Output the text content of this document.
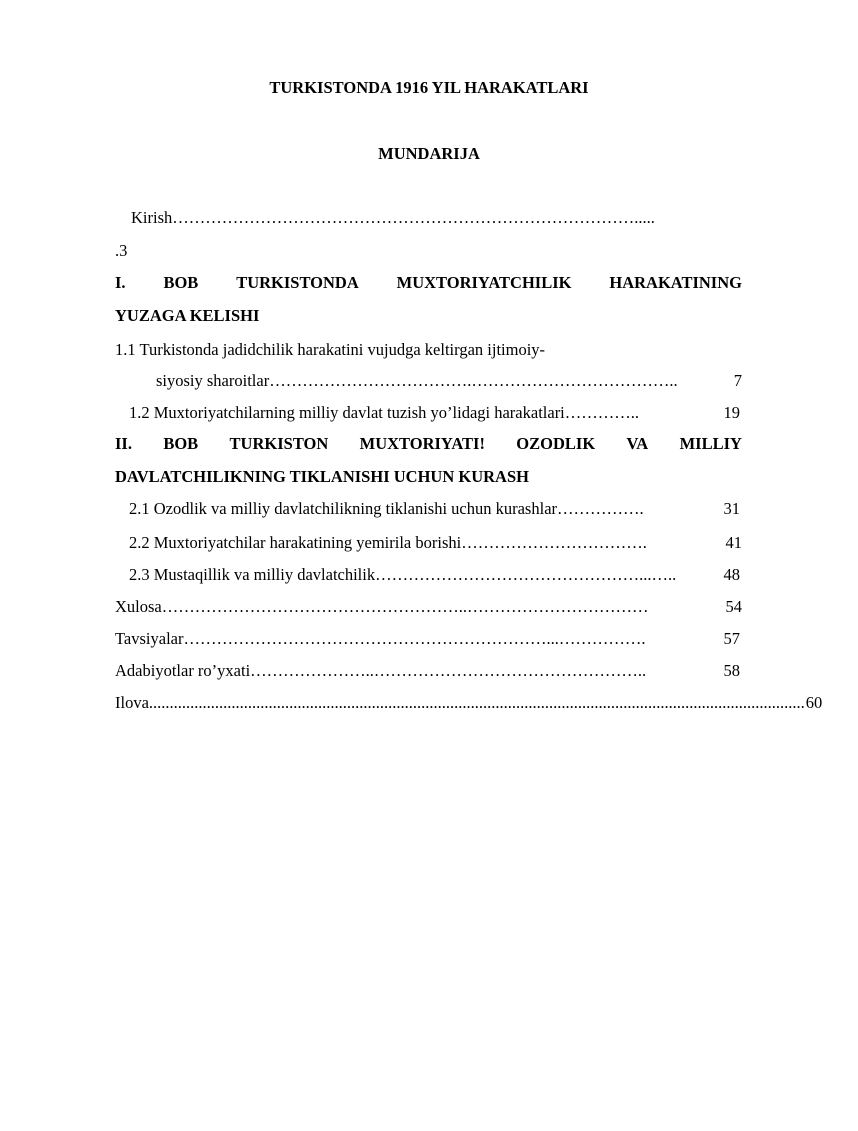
TURKISTONDA 1916 YIL HARAKATLARI
MUNDARIJA
Kirish ………………………………………………………………………….....
.3
I. BOB TURKISTONDA MUXTORIYATCHILIK HARAKATINING
YUZAGA KELISHI
1.1 Turkistonda jadidchilik harakatini vujudga keltirgan ijtimoiy-
siyosiy sharoitlar ……………………………….………………………………..	7
1.2 Muxtoriyatchilarning milliy davlat tuzish yo’lidagi harakatlari …………..	19
II. BOB TURKISTON MUXTORIYATI! OZODLIK VA MILLIY
DAVLATCHILIKNING TIKLANISHI UCHUN KURASH
2.1 Ozodlik va milliy davlatchilikning tiklanishi uchun kurashlar …………….	31
2.2 Muxtoriyatchilar harakatining yemirila borishi …………………………….	41
2.3 Mustaqillik va milliy davlatchilik …………………………………………...…..	48
Xulosa ………………………………………………..……………………………	54
Tavsiyalar …………………………………………………………...…………….	57
Adabiyotlar ro’yxati …………………..…………………………………………..	58
Ilova ............................................................................................................................................................... 60
